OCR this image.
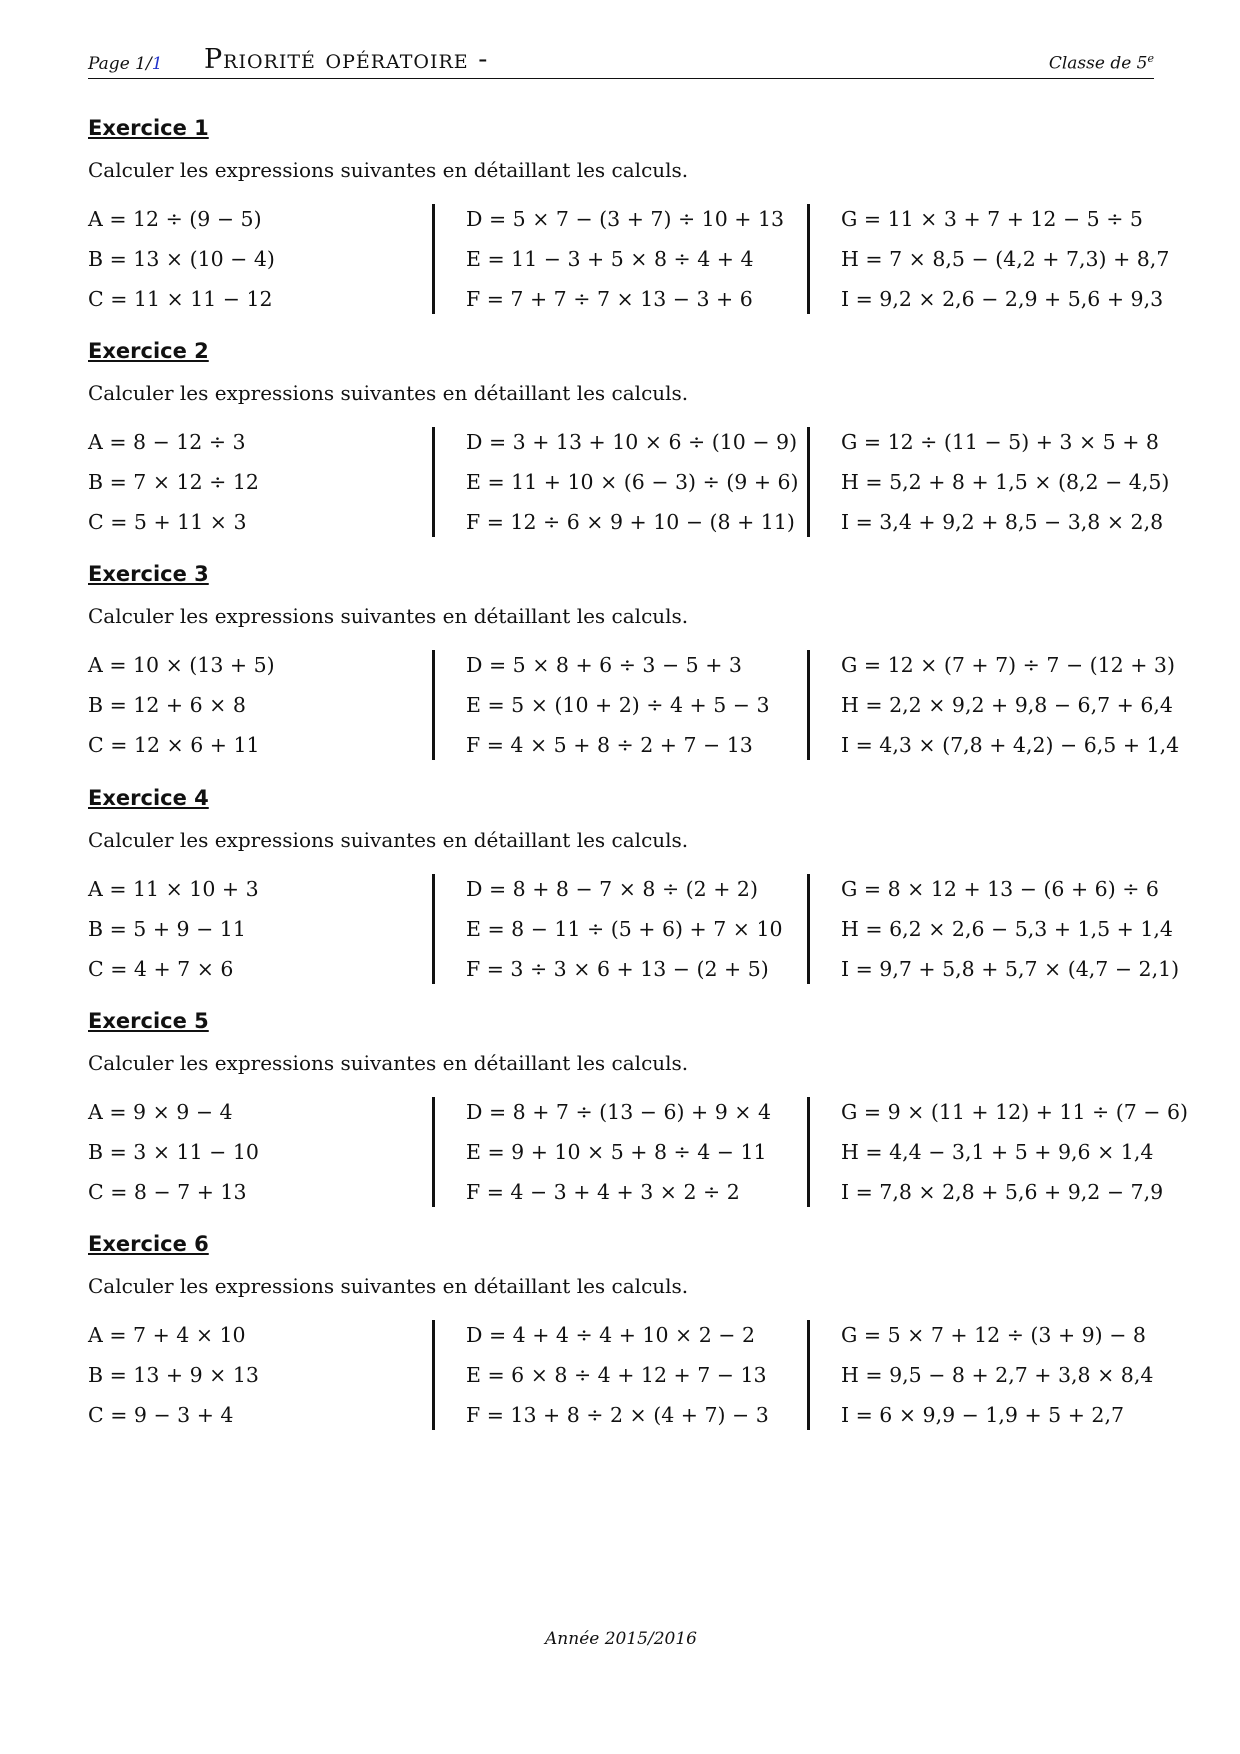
Page 1/1 Priorité opératoire -	Classe de 5e
Exercice 1
Calculer les expressions suivantes en détaillant les calculs.
A = 12 ÷ (9 − 5)
B = 13 × (10 − 4)
C = 11 × 11 − 12
D = 5 × 7 − (3 + 7) ÷ 10 + 13
E = 11 − 3 + 5 × 8 ÷ 4 + 4
F = 7 + 7 ÷ 7 × 13 − 3 + 6
G = 11 × 3 + 7 + 12 − 5 ÷ 5
H = 7 × 8,5 − (4,2 + 7,3) + 8,7
I = 9,2 × 2,6 − 2,9 + 5,6 + 9,3
Exercice 2
Calculer les expressions suivantes en détaillant les calculs.
A = 8 − 12 ÷ 3
B = 7 × 12 ÷ 12
C = 5 + 11 × 3
D = 3 + 13 + 10 × 6 ÷ (10 − 9)
E = 11 + 10 × (6 − 3) ÷ (9 + 6)
F = 12 ÷ 6 × 9 + 10 − (8 + 11)
G = 12 ÷ (11 − 5) + 3 × 5 + 8
H = 5,2 + 8 + 1,5 × (8,2 − 4,5)
I = 3,4 + 9,2 + 8,5 − 3,8 × 2,8
Exercice 3
Calculer les expressions suivantes en détaillant les calculs.
A = 10 × (13 + 5)
B = 12 + 6 × 8
C = 12 × 6 + 11
D = 5 × 8 + 6 ÷ 3 − 5 + 3
E = 5 × (10 + 2) ÷ 4 + 5 − 3
F = 4 × 5 + 8 ÷ 2 + 7 − 13
G = 12 × (7 + 7) ÷ 7 − (12 + 3)
H = 2,2 × 9,2 + 9,8 − 6,7 + 6,4
I = 4,3 × (7,8 + 4,2) − 6,5 + 1,4
Exercice 4
Calculer les expressions suivantes en détaillant les calculs.
A = 11 × 10 + 3
B = 5 + 9 − 11
C = 4 + 7 × 6
D = 8 + 8 − 7 × 8 ÷ (2 + 2)
E = 8 − 11 ÷ (5 + 6) + 7 × 10
F = 3 ÷ 3 × 6 + 13 − (2 + 5)
G = 8 × 12 + 13 − (6 + 6) ÷ 6
H = 6,2 × 2,6 − 5,3 + 1,5 + 1,4
I = 9,7 + 5,8 + 5,7 × (4,7 − 2,1)
Exercice 5
Calculer les expressions suivantes en détaillant les calculs.
A = 9 × 9 − 4
B = 3 × 11 − 10
C = 8 − 7 + 13
D = 8 + 7 ÷ (13 − 6) + 9 × 4
E = 9 + 10 × 5 + 8 ÷ 4 − 11
F = 4 − 3 + 4 + 3 × 2 ÷ 2
G = 9 × (11 + 12) + 11 ÷ (7 − 6)
H = 4,4 − 3,1 + 5 + 9,6 × 1,4
I = 7,8 × 2,8 + 5,6 + 9,2 − 7,9
Exercice 6
Calculer les expressions suivantes en détaillant les calculs.
A = 7 + 4 × 10
B = 13 + 9 × 13
C = 9 − 3 + 4
D = 4 + 4 ÷ 4 + 10 × 2 − 2
E = 6 × 8 ÷ 4 + 12 + 7 − 13
F = 13 + 8 ÷ 2 × (4 + 7) − 3
G = 5 × 7 + 12 ÷ (3 + 9) − 8
H = 9,5 − 8 + 2,7 + 3,8 × 8,4
I = 6 × 9,9 − 1,9 + 5 + 2,7
Année 2015/2016
